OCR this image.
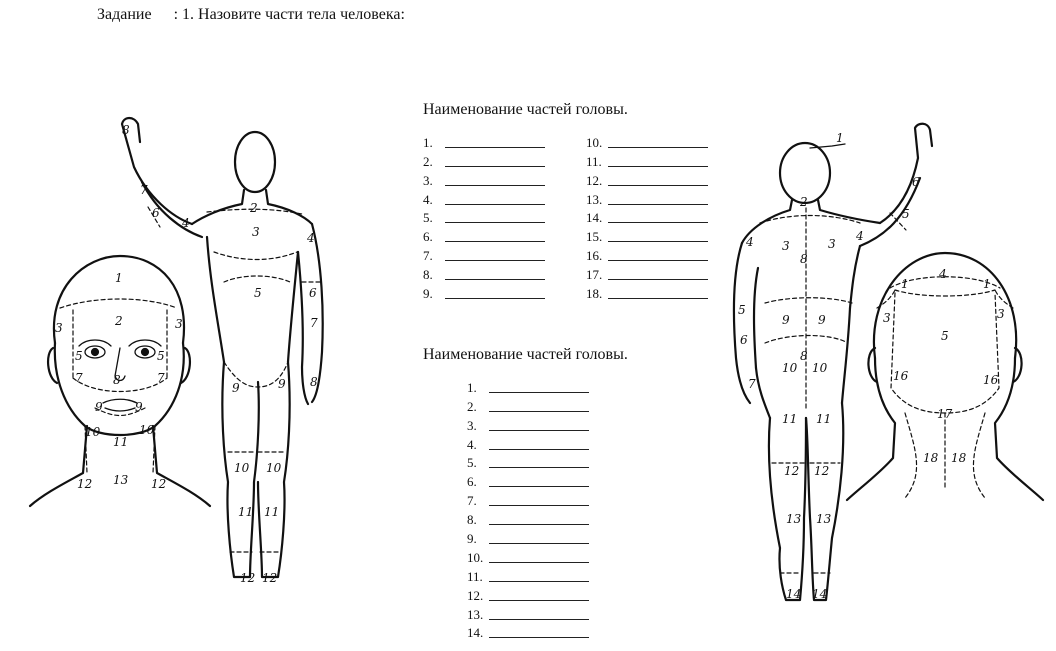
Задание : 1. Назовите части тела человека:
Наименование частей головы.
1.
2.
3.
4.
5.
6.
7.
8.
9.
10.
11.
12.
13.
14.
15.
16.
17.
18.
Наименование частей головы.
1.
2.
3.
4.
5.
6.
7.
8.
9.
10.
11.
12.
13.
14.
1
2
3	3
5	5
7	7
8
9	9
10	10
11
12	12
13
8
6
7
4
2
3	4
6
5
7
8
9	9
10 10
11 11
12 12
1
2
3	3
4	4
5
6
8
8
9 9
5
6
7
10 10
11 11
12 12
13 13
14 14
4
1	1
3	3
5
16	16
17
18 18
